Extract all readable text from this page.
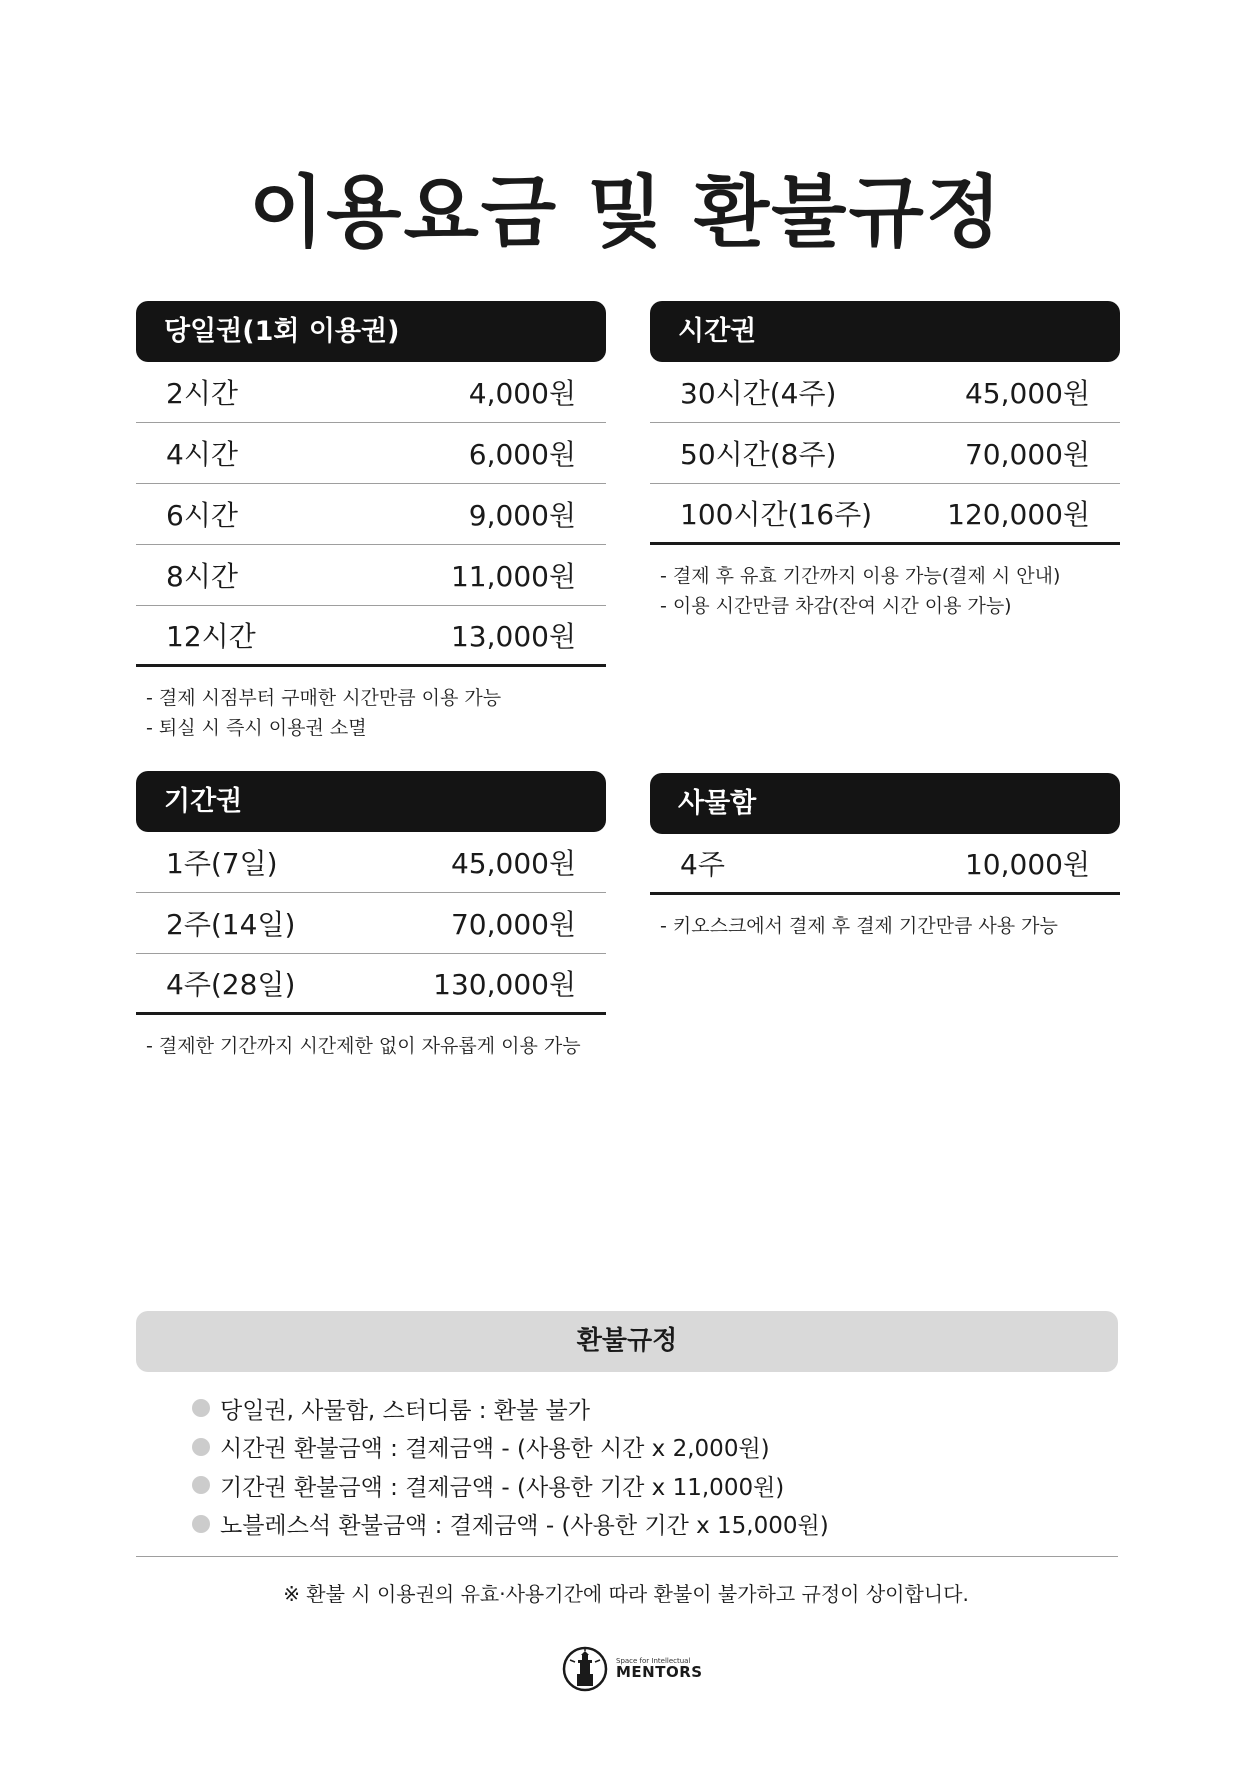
이용요금 및 환불규정
당일권(1회 이용권)
2시간	4,000원
4시간	6,000원
6시간	9,000원
8시간	11,000원
12시간	13,000원
- 결제 시점부터 구매한 시간만큼 이용 가능
- 퇴실 시 즉시 이용권 소멸
시간권
30시간(4주)	45,000원
50시간(8주)	70,000원
100시간(16주)	120,000원
- 결제 후 유효 기간까지 이용 가능(결제 시 안내)
- 이용 시간만큼 차감(잔여 시간 이용 가능)
기간권
1주(7일)	45,000원
2주(14일)	70,000원
4주(28일)	130,000원
- 결제한 기간까지 시간제한 없이 자유롭게 이용 가능
사물함
4주	10,000원
- 키오스크에서 결제 후 결제 기간만큼 사용 가능
환불규정
당일권, 사물함, 스터디룸 : 환불 불가
시간권 환불금액 : 결제금액 - (사용한 시간 x 2,000원)
기간권 환불금액 : 결제금액 - (사용한 기간 x 11,000원)
노블레스석 환불금액 : 결제금액 - (사용한 기간 x 15,000원)
※ 환불 시 이용권의 유효·사용기간에 따라 환불이 불가하고 규정이 상이합니다.
Space for Intellectual
MENTORS
